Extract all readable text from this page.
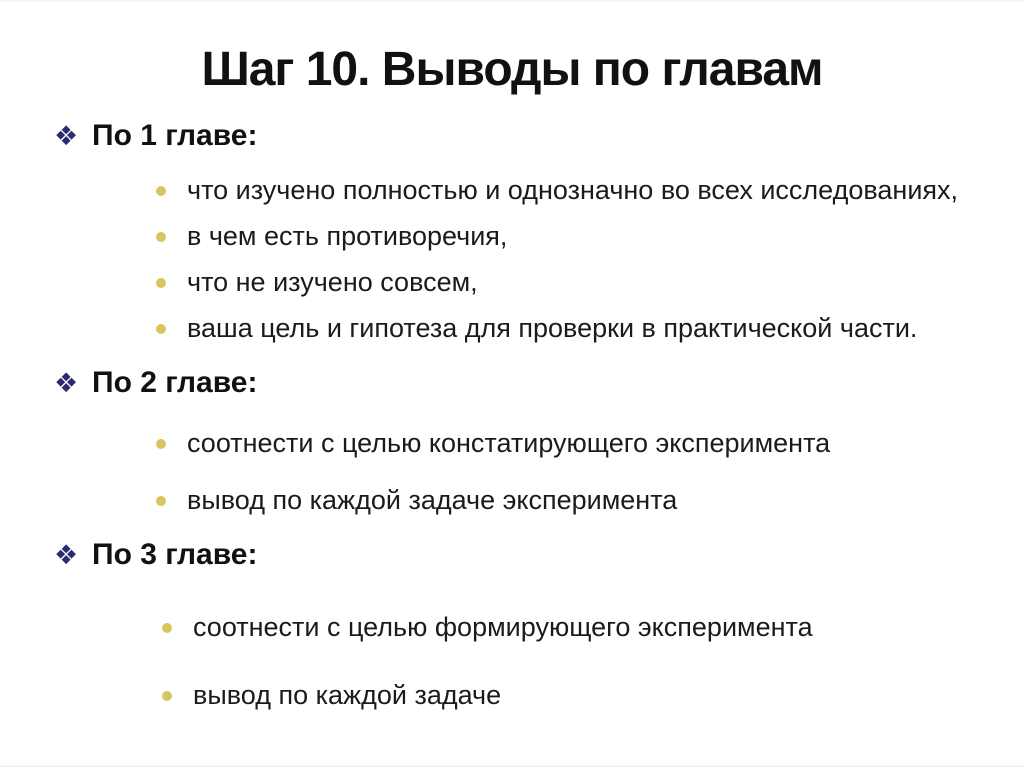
Шаг 10. Выводы по главам
❖ По 1 главе:
что изучено полностью и однозначно во всех исследованиях,
в чем есть противоречия,
что не изучено совсем,
ваша цель и гипотеза для проверки в практической части.
❖ По 2 главе:
соотнести с целью констатирующего эксперимента
вывод по каждой задаче эксперимента
❖ По 3 главе:
соотнести с целью формирующего эксперимента
вывод по каждой задаче
